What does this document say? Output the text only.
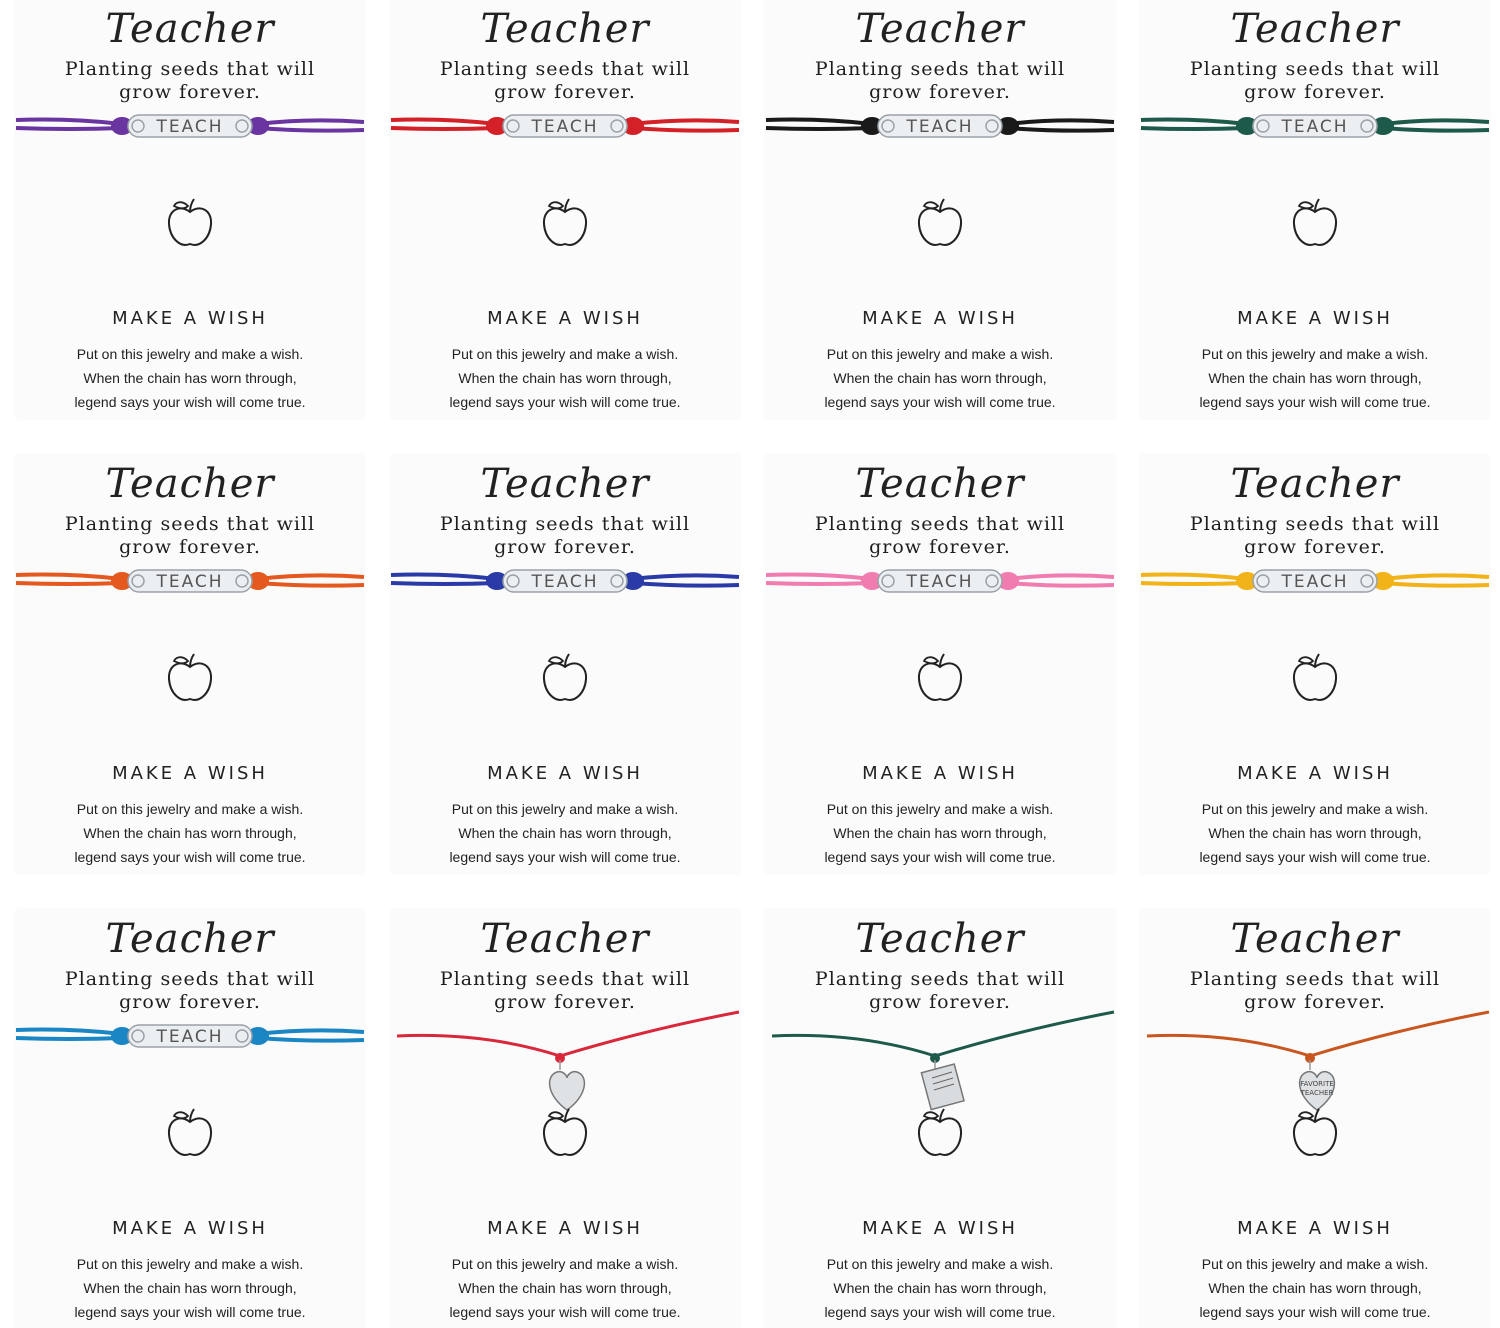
Teacher
Planting seeds that will
grow forever.
TEACH
MAKE A WISH
Put on this jewelry and make a wish.
When the chain has worn through,
legend says your wish will come true.
Teacher
Planting seeds that will
grow forever.
TEACH
MAKE A WISH
Put on this jewelry and make a wish.
When the chain has worn through,
legend says your wish will come true.
Teacher
Planting seeds that will
grow forever.
TEACH
MAKE A WISH
Put on this jewelry and make a wish.
When the chain has worn through,
legend says your wish will come true.
Teacher
Planting seeds that will
grow forever.
TEACH
MAKE A WISH
Put on this jewelry and make a wish.
When the chain has worn through,
legend says your wish will come true.
Teacher
Planting seeds that will
grow forever.
TEACH
MAKE A WISH
Put on this jewelry and make a wish.
When the chain has worn through,
legend says your wish will come true.
Teacher
Planting seeds that will
grow forever.
TEACH
MAKE A WISH
Put on this jewelry and make a wish.
When the chain has worn through,
legend says your wish will come true.
Teacher
Planting seeds that will
grow forever.
TEACH
MAKE A WISH
Put on this jewelry and make a wish.
When the chain has worn through,
legend says your wish will come true.
Teacher
Planting seeds that will
grow forever.
TEACH
MAKE A WISH
Put on this jewelry and make a wish.
When the chain has worn through,
legend says your wish will come true.
Teacher
Planting seeds that will
grow forever.
TEACH
MAKE A WISH
Put on this jewelry and make a wish.
When the chain has worn through,
legend says your wish will come true.
Teacher
Planting seeds that will
grow forever.
MAKE A WISH
Put on this jewelry and make a wish.
When the chain has worn through,
legend says your wish will come true.
Teacher
Planting seeds that will
grow forever.
MAKE A WISH
Put on this jewelry and make a wish.
When the chain has worn through,
legend says your wish will come true.
Teacher
Planting seeds that will
grow forever.
FAVORITE
TEACHER
MAKE A WISH
Put on this jewelry and make a wish.
When the chain has worn through,
legend says your wish will come true.
